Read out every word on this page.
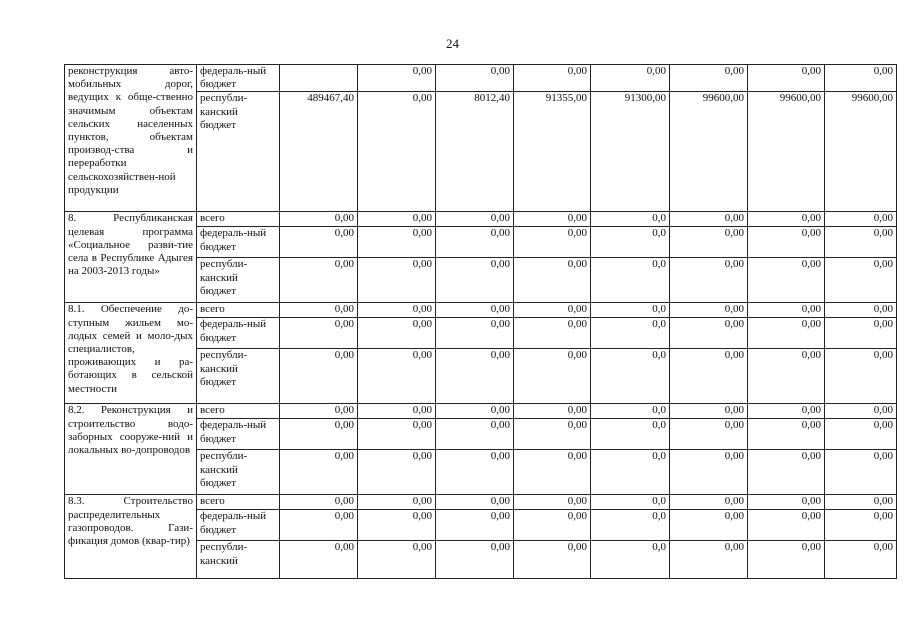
24
реконструкция авто-мобильных дорог, ведущих к обще-ственно значимым объектам сельских населенных пунктов, объектам производ-ства и переработки сельскохозяйствен-ной продукции	федераль-ный бюджет		0,00	0,00	0,00	0,00	0,00	0,00	0,00
	республи-канский бюджет	489467,40	0,00	8012,40	91355,00	91300,00	99600,00	99600,00	99600,00
8. Республиканская целевая программа «Социальное разви-тие села в Республике Адыгея на 2003-2013 годы»	всего	0,00	0,00	0,00	0,00	0,0	0,00	0,00	0,00
	федераль-ный бюджет	0,00	0,00	0,00	0,00	0,0	0,00	0,00	0,00
	республи-канский бюджет	0,00	0,00	0,00	0,00	0,0	0,00	0,00	0,00
8.1. Обеспечение до-ступным жильем мо-лодых семей и моло-дых специалистов, проживающих и ра-ботающих в сельской местности	всего	0,00	0,00	0,00	0,00	0,0	0,00	0,00	0,00
	федераль-ный бюджет	0,00	0,00	0,00	0,00	0,0	0,00	0,00	0,00
	республи-канский бюджет	0,00	0,00	0,00	0,00	0,0	0,00	0,00	0,00
8.2. Реконструкция и строительство водо-заборных сооруже-ний и локальных во-допроводов	всего	0,00	0,00	0,00	0,00	0,0	0,00	0,00	0,00
	федераль-ный бюджет	0,00	0,00	0,00	0,00	0,0	0,00	0,00	0,00
	республи-канский бюджет	0,00	0,00	0,00	0,00	0,0	0,00	0,00	0,00
8.3. Строительство распределительных газопроводов. Гази-фикация домов (квар-тир)	всего	0,00	0,00	0,00	0,00	0,0	0,00	0,00	0,00
	федераль-ный бюджет	0,00	0,00	0,00	0,00	0,0	0,00	0,00	0,00
	республи-канский	0,00	0,00	0,00	0,00	0,0	0,00	0,00	0,00
